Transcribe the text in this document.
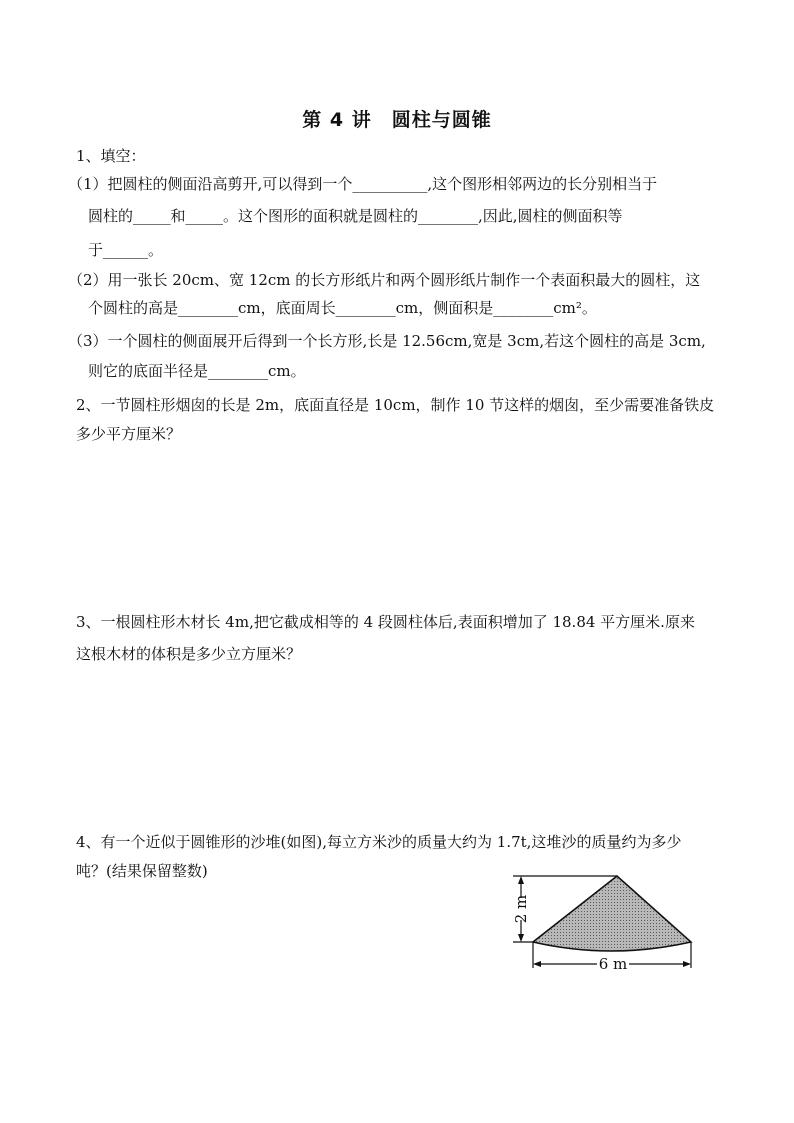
第 4 讲　圆柱与圆锥
1、填空：
（1）把圆柱的侧面沿高剪开,可以得到一个__________,这个图形相邻两边的长分别相当于
圆柱的_____和_____。这个图形的面积就是圆柱的________,因此,圆柱的侧面积等
于______。
（2）用一张长 20cm、宽 12cm 的长方形纸片和两个圆形纸片制作一个表面积最大的圆柱，这
个圆柱的高是________cm，底面周长________cm，侧面积是________cm²。
（3）一个圆柱的侧面展开后得到一个长方形,长是 12.56cm,宽是 3cm,若这个圆柱的高是 3cm,
则它的底面半径是________cm。
2、一节圆柱形烟囱的长是 2m，底面直径是 10cm，制作 10 节这样的烟囱，至少需要准备铁皮
多少平方厘米？
3、一根圆柱形木材长 4m,把它截成相等的 4 段圆柱体后,表面积增加了 18.84 平方厘米.原来
这根木材的体积是多少立方厘米？
4、有一个近似于圆锥形的沙堆(如图),每立方米沙的质量大约为 1.7t,这堆沙的质量约为多少
吨？(结果保留整数)
2 m
6 m
